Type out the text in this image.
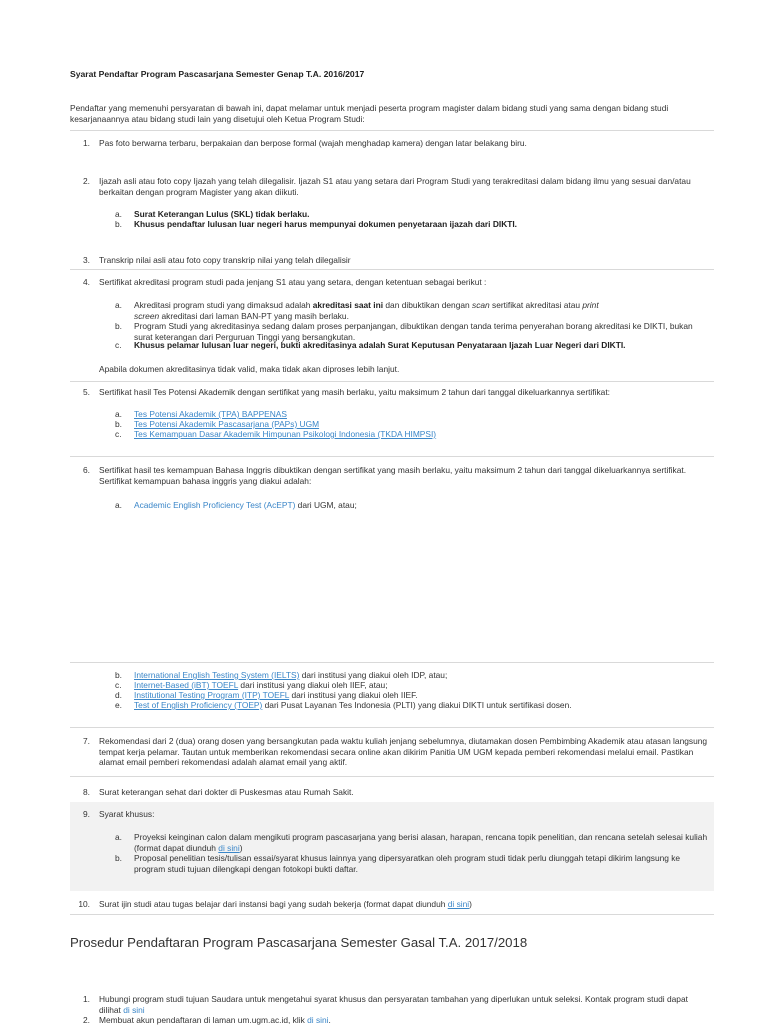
Syarat Pendaftar Program Pascasarjana Semester Genap T.A. 2016/2017
Pendaftar yang memenuhi persyaratan di bawah ini, dapat melamar untuk menjadi peserta program magister dalam bidang studi yang sama dengan bidang studi kesarjanaannya atau bidang studi lain yang disetujui oleh Ketua Program Studi:
1. Pas foto berwarna terbaru, berpakaian dan berpose formal (wajah menghadap kamera) dengan latar belakang biru.
2. Ijazah asli atau foto copy Ijazah yang telah dilegalisir. Ijazah S1 atau yang setara dari Program Studi yang terakreditasi dalam bidang ilmu yang sesuai dan/atau berkaitan dengan program Magister yang akan diikuti.
a.	Surat Keterangan Lulus (SKL) tidak berlaku.
b.	Khusus pendaftar lulusan luar negeri harus mempunyai dokumen penyetaraan ijazah dari DIKTI.
3. Transkrip nilai asli atau foto copy transkrip nilai yang telah dilegalisir
4. Sertifikat akreditasi program studi pada jenjang S1 atau yang setara, dengan ketentuan sebagai berikut :
a.	Akreditasi program studi yang dimaksud adalah akreditasi saat ini dan dibuktikan dengan scan sertifikat akreditasi atau print
screen akreditasi dari laman BAN-PT yang masih berlaku.
b.	Program Studi yang akreditasinya sedang dalam proses perpanjangan, dibuktikan dengan tanda terima penyerahan borang akreditasi ke DIKTI, bukan surat keterangan dari Perguruan Tinggi yang bersangkutan.
c.	Khusus pelamar lulusan luar negeri, bukti akreditasinya adalah Surat Keputusan Penyataraan Ijazah Luar Negeri dari DIKTI.
Apabila dokumen akreditasinya tidak valid, maka tidak akan diproses lebih lanjut.
5. Sertifikat hasil Tes Potensi Akademik dengan sertifikat yang masih berlaku, yaitu maksimum 2 tahun dari tanggal dikeluarkannya sertifikat:
a.	Tes Potensi Akademik (TPA) BAPPENAS
b.	Tes Potensi Akademik Pascasarjana (PAPs) UGM
c.	Tes Kemampuan Dasar Akademik Himpunan Psikologi Indonesia (TKDA HIMPSI)
6. Sertifikat hasil tes kemampuan Bahasa Inggris dibuktikan dengan sertifikat yang masih berlaku, yaitu maksimum 2 tahun dari tanggal dikeluarkannya sertifikat. Sertifikat kemampuan bahasa inggris yang diakui adalah:
a.	Academic English Proficiency Test (AcEPT) dari UGM, atau;
b.	International English Testing System (IELTS) dari institusi yang diakui oleh IDP, atau;
c.	Internet-Based (iBT) TOEFL dari institusi yang diakui oleh IIEF, atau;
d.	Institutional Testing Program (ITP) TOEFL dari institusi yang diakui oleh IIEF.
e.	Test of English Proficiency (TOEP) dari Pusat Layanan Tes Indonesia (PLTI) yang diakui DIKTI untuk sertifikasi dosen.
7. Rekomendasi dari 2 (dua) orang dosen yang bersangkutan pada waktu kuliah jenjang sebelumnya, diutamakan dosen Pembimbing Akademik atau atasan langsung tempat kerja pelamar. Tautan untuk memberikan rekomendasi secara online akan dikirim Panitia UM UGM kepada pemberi rekomendasi melalui email. Pastikan alamat email pemberi rekomendasi adalah alamat email yang aktif.
8. Surat keterangan sehat dari dokter di Puskesmas atau Rumah Sakit.
9. Syarat khusus:
a.	Proyeksi keinginan calon dalam mengikuti program pascasarjana yang berisi alasan, harapan, rencana topik penelitian, dan rencana setelah selesai kuliah (format dapat diunduh di sini)
b.	Proposal penelitian tesis/tulisan essai/syarat khusus lainnya yang dipersyaratkan oleh program studi tidak perlu diunggah tetapi dikirim langsung ke program studi tujuan dilengkapi dengan fotokopi bukti daftar.
10. Surat ijin studi atau tugas belajar dari instansi bagi yang sudah bekerja (format dapat diunduh di sini)
Prosedur Pendaftaran Program Pascasarjana Semester Gasal T.A. 2017/2018
1. Hubungi program studi tujuan Saudara untuk mengetahui syarat khusus dan persyaratan tambahan yang diperlukan untuk seleksi. Kontak program studi dapat dilihat di sini
2. Membuat akun pendaftaran di laman um.ugm.ac.id, klik di sini.
